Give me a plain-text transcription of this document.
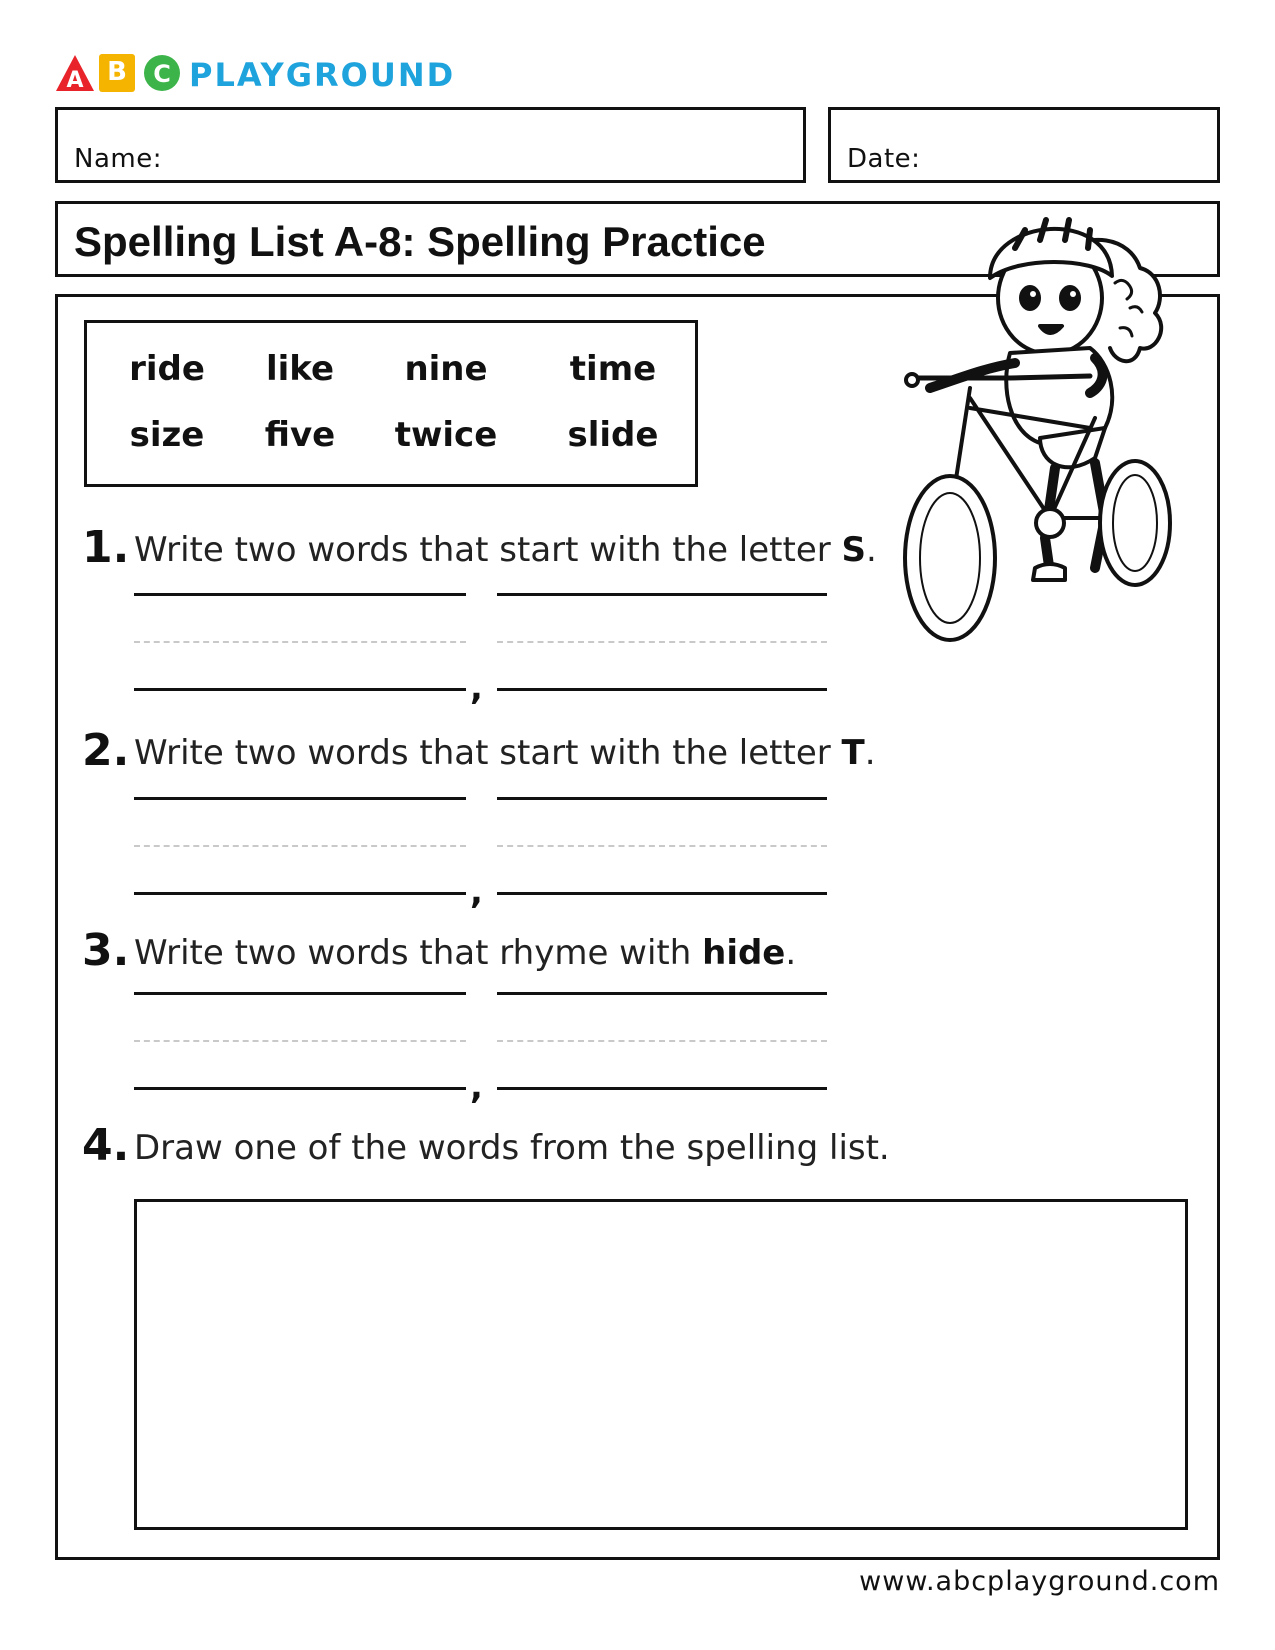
A B	C PLAYGROUND
Name:	Date:
Spelling List A-8: Spelling Practice
ride	like	nine	time
size	five	twice	slide
1. Write two words that start with the letter S.
,
2. Write two words that start with the letter T.
,
3. Write two words that rhyme with hide.
,
4. Draw one of the words from the spelling list.
www.abcplayground.com
